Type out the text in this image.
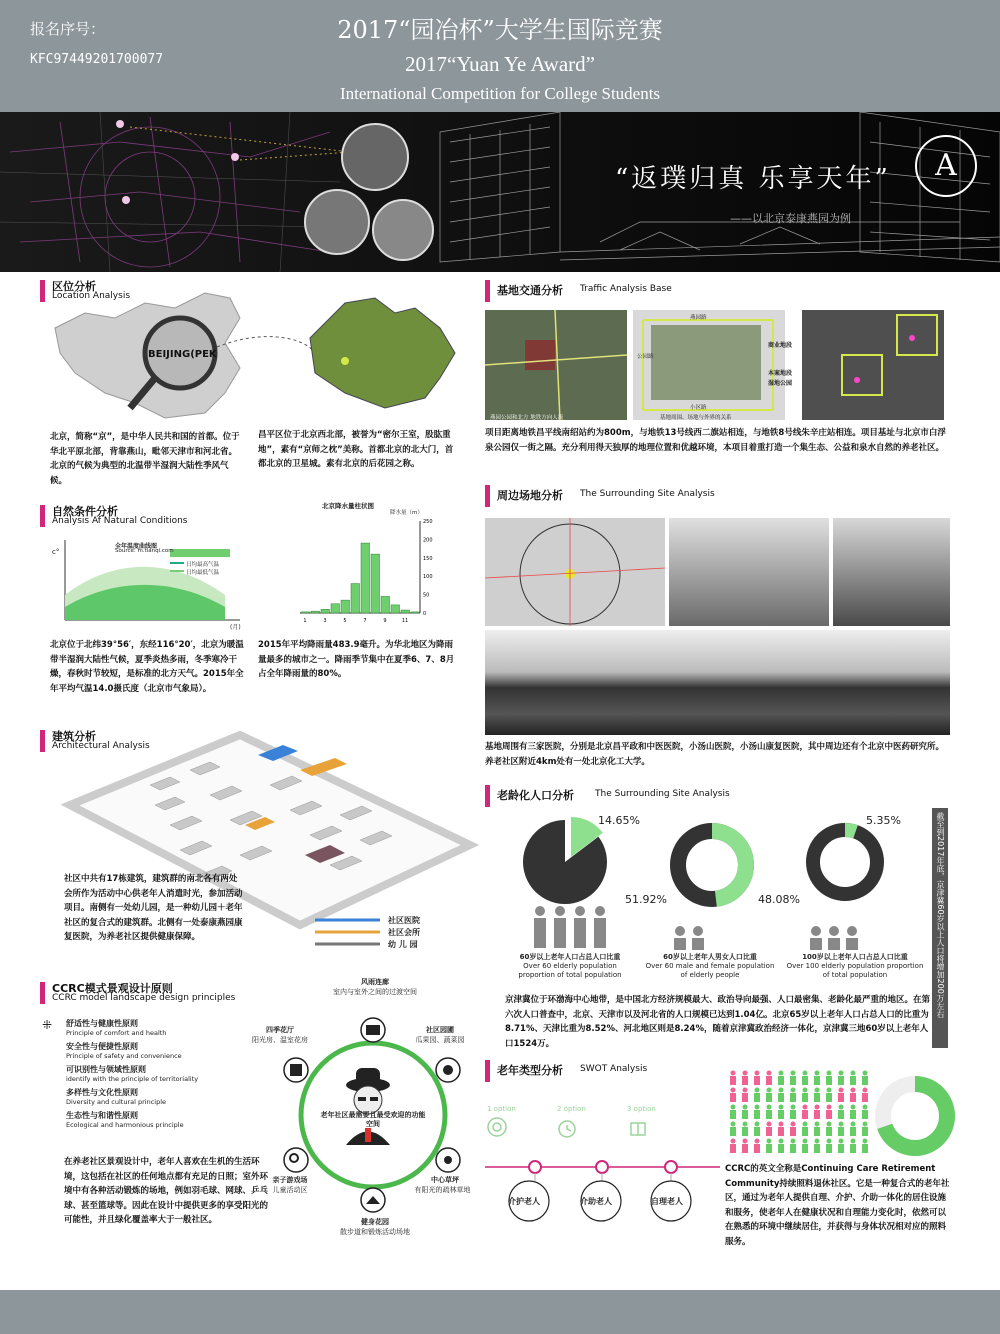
报名序号：
KFC97449201700077
2017“园冶杯”大学生国际竞赛
2017“Yuan Ye Award”
International Competition for College Students
“返璞归真 乐享天年”
——以北京泰康燕园为例
A
区位分析
Location Analysis
BEIJING(PEK	昌平
北京，简称“京”，是中华人民共和国的首都。位于华北平原北部，背靠燕山，毗邻天津市和河北省。北京的气候为典型的北温带半湿润大陆性季风气候。
昌平区位于北京西北部，被誉为“密尔王室，股肱重地”，素有“京师之枕”美称。首都北京的北大门，首都北京的卫星城。素有北京的后花园之称。
自然条件分析
Analysis Af Natural Conditions
c°
全年温度曲线图
Source: m.tianqi.com
日均最高气温
日均最低气温
(月)
1	3	5	7	9	11
0
50
100
150
200
250
北京降水量柱状图
降水量（m）
北京位于北纬39°56′，东经116°20′，北京为暖温带半湿润大陆性气候，夏季炎热多雨，冬季寒冷干燥，春秋时节较短，是标准的北方天气。2015年全年平均气温14.0摄氏度（北京市气象局）。
2015年平均降雨量483.9毫升。为华北地区为降雨量最多的城市之一。降雨季节集中在夏季6、7、8月占全年降雨量的80%。
建筑分析
Architectural Analysis
社区医院
社区会所
幼 儿 园
社区中共有17栋建筑，建筑群的南北各有两处会所作为活动中心供老年人消遣时光，参加活动项目。南侧有一处幼儿园，是一种幼儿园＋老年社区的复合式的建筑群。北侧有一处泰康燕园康复医院，为养老社区提供健康保障。
CCRC模式景观设计原则
CCRC model landscape design principles
⁜ 舒适性与健康性原则
Principle of comfort and health
安全性与便捷性原则
Principle of safety and convenience
可识别性与领域性原则
identify with the principle of territoriality
多样性与文化性原则
Diversity and cultural principle
生态性与和谐性原则
Ecological and harmonious principle
在养老社区景观设计中，老年人喜欢在生机的生活环境，这包括在社区的任何地点都有充足的日照；室外环境中有各种活动锻炼的场地，例如羽毛球、网球、乒乓球、甚至篮球等。因此在设计中提供更多的享受阳光的可能性，并且绿化覆盖率大于一般社区。
老年社区最需要且最受欢迎的功能空间
风雨连廊
室内与室外之间的过渡空间
社区园圃
瓜果园、蔬菜园
中心草坪
有阳光的疏林草地
健身花园
散步道和锻炼活动场地
亲子游戏场
儿童活动区
四季花厅
阳光房、温室花房
基地交通分析 Traffic Analysis Base
燕园公园和北方 地铁方向人流
燕园路
公园路
小区路
基地周围、场地与外界的关系
商业地段
本案地段
湿地公园
项目距离地铁昌平线南绍站约为800m，与地铁13号线西二旗站相连，与地铁8号线朱辛庄站相连。项目基址与北京市白浮泉公园仅一街之隔。充分利用得天独厚的地理位置和优越环境，本项目着重打造一个集生态、公益和泉水自然的养老社区。
周边场地分析 The Surrounding Site Analysis
基地周围有三家医院，分别是北京昌平政和中医医院，小汤山医院，小汤山康复医院，其中周边还有个北京中医药研究所。养老社区附近4km处有一处北京化工大学。
老龄化人口分析 The Surrounding Site Analysis
14.65%
51.92%	48.08%
5.35%
60岁以上老年人口占总人口比重
Over 60 elderly population proportion of total population
60岁以上老年人男女人口比重
Over 60 male and female population of elderly people
100岁以上老年人口占总人口比重
Over 100 elderly population proportion of total population
京津冀位于环渤海中心地带，是中国北方经济规模最大、政治导向最强、人口最密集、老龄化最严重的地区。在第六次人口普查中，北京、天津市以及河北省的人口规模已达到1.04亿。北京65岁以上老年人口占总人口的比重为8.71%、天津比重为8.52%、河北地区则是8.24%，随着京津冀政治经济一体化，京津冀三地60岁以上老年人口1524万。
截至到2017年底，京津冀60岁以上人口将增加200万左右
老年类型分析 SWOT Analysis
1 option	2 option	3 option
介护老人	介助老人	自理老人
CCRC的英文全称是Continuing Care Retirement Community持续照料退休社区。它是一种复合式的老年社区，通过为老年人提供自理、介护、介助一体化的居住设施和服务，使老年人在健康状况和自理能力变化时，依然可以在熟悉的环境中继续居住，并获得与身体状况相对应的照料服务。
